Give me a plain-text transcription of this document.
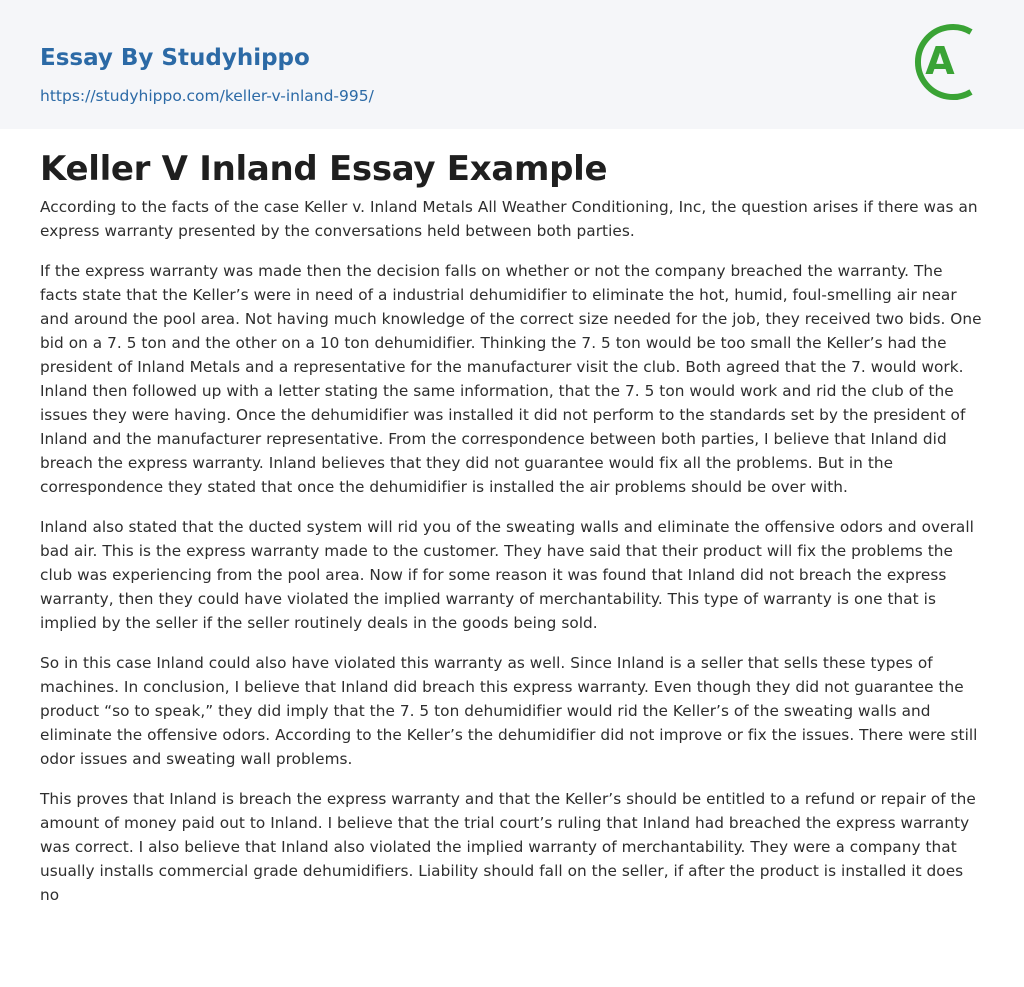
Essay By Studyhippo
https://studyhippo.com/keller-v-inland-995/
A
Keller V Inland Essay Example

According to the facts of the case Keller v. Inland Metals All Weather Conditioning, Inc, the question arises if there was an express warranty presented by the conversations held between both parties.

If the express warranty was made then the decision falls on whether or not the company breached the warranty. The facts state that the Keller’s were in need of a industrial dehumidifier to eliminate the hot, humid, foul-smelling air near and around the pool area. Not having much knowledge of the correct size needed for the job, they received two bids. One bid on a 7. 5 ton and the other on a 10 ton dehumidifier. Thinking the 7. 5 ton would be too small the Keller’s had the president of Inland Metals and a representative for the manufacturer visit the club. Both agreed that the 7. would work. Inland then followed up with a letter stating the same information, that the 7. 5 ton would work and rid the club of the issues they were having. Once the dehumidifier was installed it did not perform to the standards set by the president of Inland and the manufacturer representative. From the correspondence between both parties, I believe that Inland did breach the express warranty. Inland believes that they did not guarantee would fix all the problems. But in the correspondence they stated that once the dehumidifier is installed the air problems should be over with.

Inland also stated that the ducted system will rid you of the sweating walls and eliminate the offensive odors and overall bad air. This is the express warranty made to the customer. They have said that their product will fix the problems the club was experiencing from the pool area. Now if for some reason it was found that Inland did not breach the express warranty, then they could have violated the implied warranty of merchantability. This type of warranty is one that is implied by the seller if the seller routinely deals in the goods being sold.

So in this case Inland could also have violated this warranty as well. Since Inland is a seller that sells these types of machines. In conclusion, I believe that Inland did breach this express warranty. Even though they did not guarantee the product “so to speak,” they did imply that the 7. 5 ton dehumidifier would rid the Keller’s of the sweating walls and eliminate the offensive odors. According to the Keller’s the dehumidifier did not improve or fix the issues. There were still odor issues and sweating wall problems.

This proves that Inland is breach the express warranty and that the Keller’s should be entitled to a refund or repair of the amount of money paid out to Inland. I believe that the trial court’s ruling that Inland had breached the express warranty was correct. I also believe that Inland also violated the implied warranty of merchantability. They were a company that usually installs commercial grade dehumidifiers. Liability should fall on the seller, if after the product is installed it does no
